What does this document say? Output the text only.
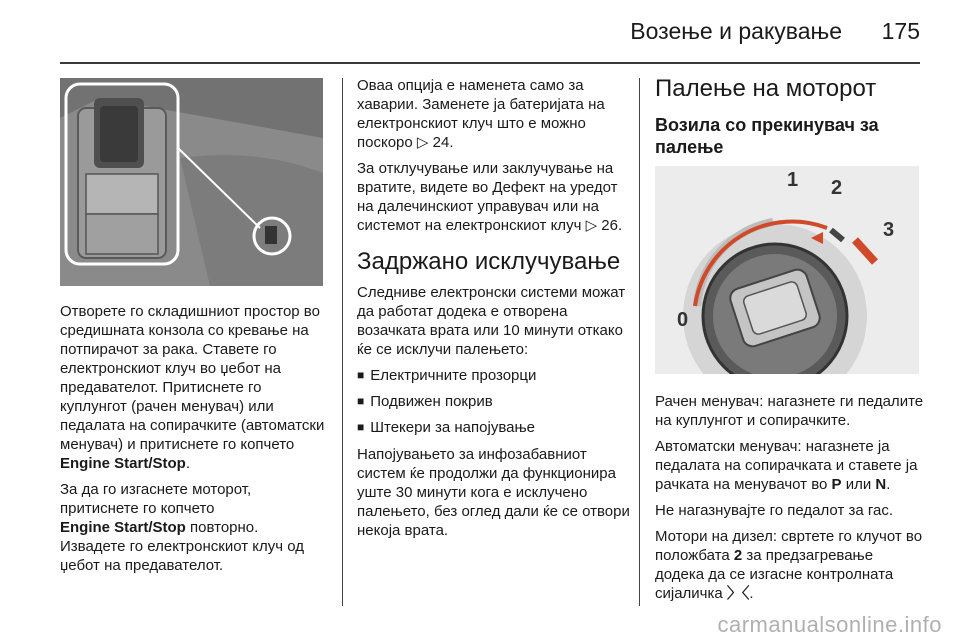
Возење и ракување 175

Отворете го складишниот простор во средишната конзола со кревање на потпирачот за рака. Ставете го електронскиот клуч во џебот на предавателот. Притиснете го куплунгот (рачен менувач) или педалата на сопирачките (автоматски менувач) и притиснете го копчето Engine Start/Stop.

За да го изгаснете моторот, притиснете го копчето
Engine Start/Stop повторно.
Извадете го електронскиот клуч од џебот на предавателот.

Оваа опција е наменета само за хаварии. Заменете ја батеријата на електронскиот клуч што е можно поскоро ▷ 24.

За отклучување или заклучување на вратите, видете во Дефект на уредот на далечинскиот управувач или на системот на електронскиот клуч ▷ 26.

Задржано исклучување

Следниве електронски системи можат да работат додека е отворена возачката врата или 10 минути откако ќе се исклучи палењето:

■ Електричните прозорци
■ Подвижен покрив
■ Штекери за напојување

Напојувањето за инфозабавниот систем ќе продолжи да функционира уште 30 минути кога е исклучено палењето, без оглед дали ќе се отвори некоја врата.

Палење на моторот
Возила со прекинувач за палење
0
1 2
3

Рачен менувач: нагазнете ги педалите на куплунгот и сопирачките.

Автоматски менувач: нагазнете ја педалата на сопирачката и ставете ја рачката на менувачот во P или N.

Не нагазнувајте го педалот за гас.

Мотори на дизел: свртете го клучот во положбата 2 за предзагревање додека да се изгасне контролната сијаличка 〉〈.

carmanualsonline.info
